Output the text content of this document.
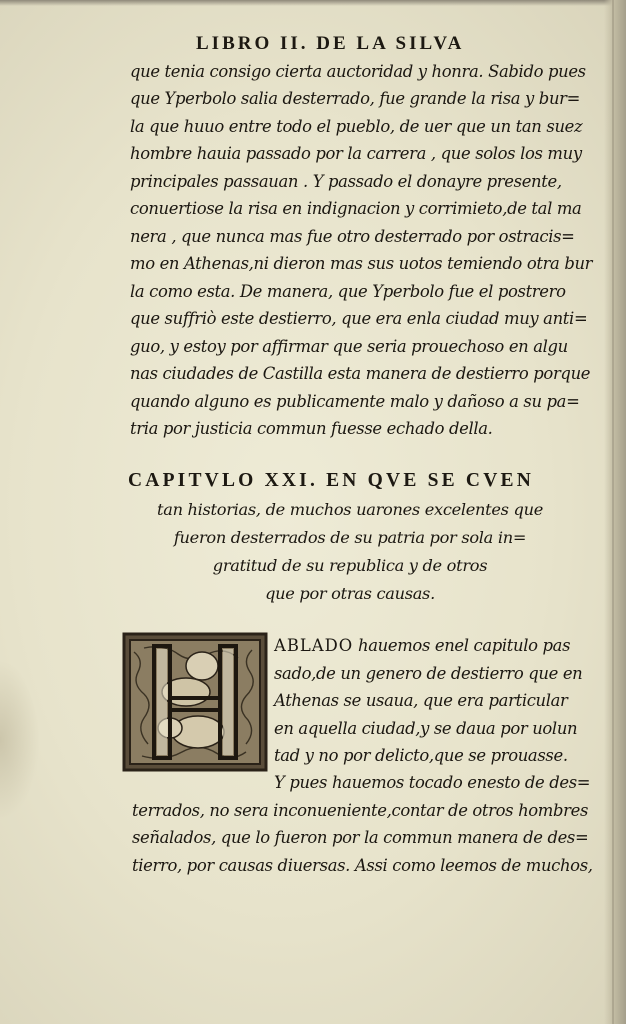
LIBRO II. DE LA SILVA
que tenia consigo cierta auctoridad y honra. Sabido pues
que Yperbolo salia desterrado, fue grande la risa y bur=
la que huuo entre todo el pueblo, de uer que un tan suez
hombre hauia passado por la carrera , que solos los muy
principales passauan . Y passado el donayre presente,
conuertiose la risa en indignacion y corrimieto,de tal ma
nera , que nunca mas fue otro desterrado por ostracis=
mo en Athenas,ni dieron mas sus uotos temiendo otra bur
la como esta. De manera, que Yperbolo fue el postrero
que suffriò este destierro, que era enla ciudad muy anti=
guo, y estoy por affirmar que seria prouechoso en algu
nas ciudades de Castilla esta manera de destierro porque
quando alguno es publicamente malo y dañoso a su pa=
tria por justicia commun fuesse echado della.
CAPITVLO XXI. EN QVE SE CVEN
tan historias, de muchos uarones excelentes que
fueron desterrados de su patria por sola in=
gratitud de su republica y de otros
que por otras causas.
ABLADO hauemos enel capitulo pas
sado,de un genero de destierro que en
Athenas se usaua, que era particular
en aquella ciudad,y se daua por uolun
tad y no por delicto,que se prouasse.
Y pues hauemos tocado enesto de des=
terrados, no sera inconueniente,contar de otros hombres
señalados, que lo fueron por la commun manera de des=
tierro, por causas diuersas. Assi como leemos de muchos,
